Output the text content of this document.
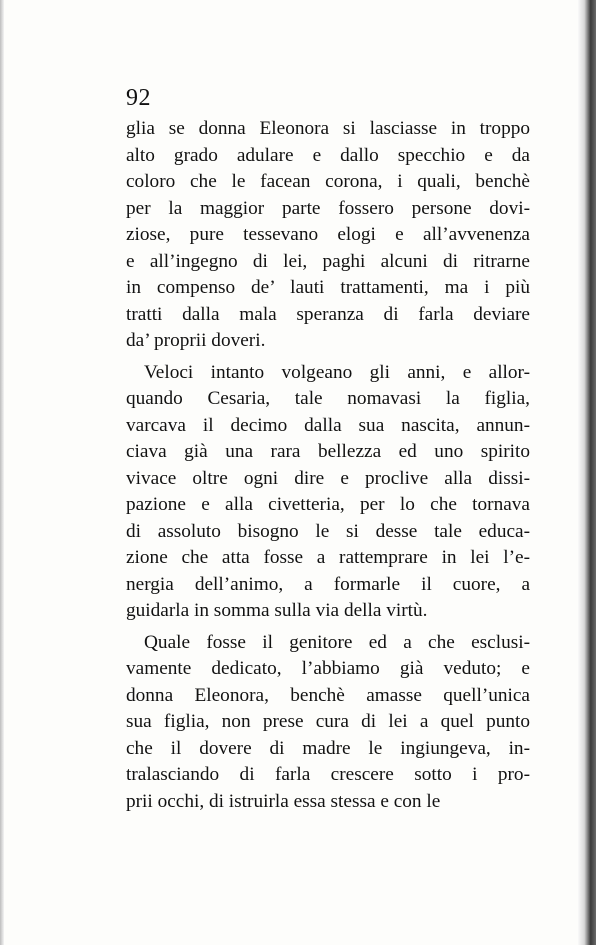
92
glia se donna Eleonora si lasciasse in troppo
alto grado adulare e dallo specchio e da
coloro che le facean corona, i quali, benchè
per la maggior parte fossero persone dovi-
ziose, pure tessevano elogi e all’avvenenza
e all’ingegno di lei, paghi alcuni di ritrarne
in compenso de’ lauti trattamenti, ma i più
tratti dalla mala speranza di farla deviare
da’ proprii doveri.
Veloci intanto volgeano gli anni, e allor-
quando Cesaria, tale nomavasi la figlia,
varcava il decimo dalla sua nascita, annun-
ciava già una rara bellezza ed uno spirito
vivace oltre ogni dire e proclive alla dissi-
pazione e alla civetteria, per lo che tornava
di assoluto bisogno le si desse tale educa-
zione che atta fosse a rattemprare in lei l’e-
nergia dell’animo, a formarle il cuore, a
guidarla in somma sulla via della virtù.
Quale fosse il genitore ed a che esclusi-
vamente dedicato, l’abbiamo già veduto; e
donna Eleonora, benchè amasse quell’unica
sua figlia, non prese cura di lei a quel punto
che il dovere di madre le ingiungeva, in-
tralasciando di farla crescere sotto i pro-
prii occhi, di istruirla essa stessa e con le
